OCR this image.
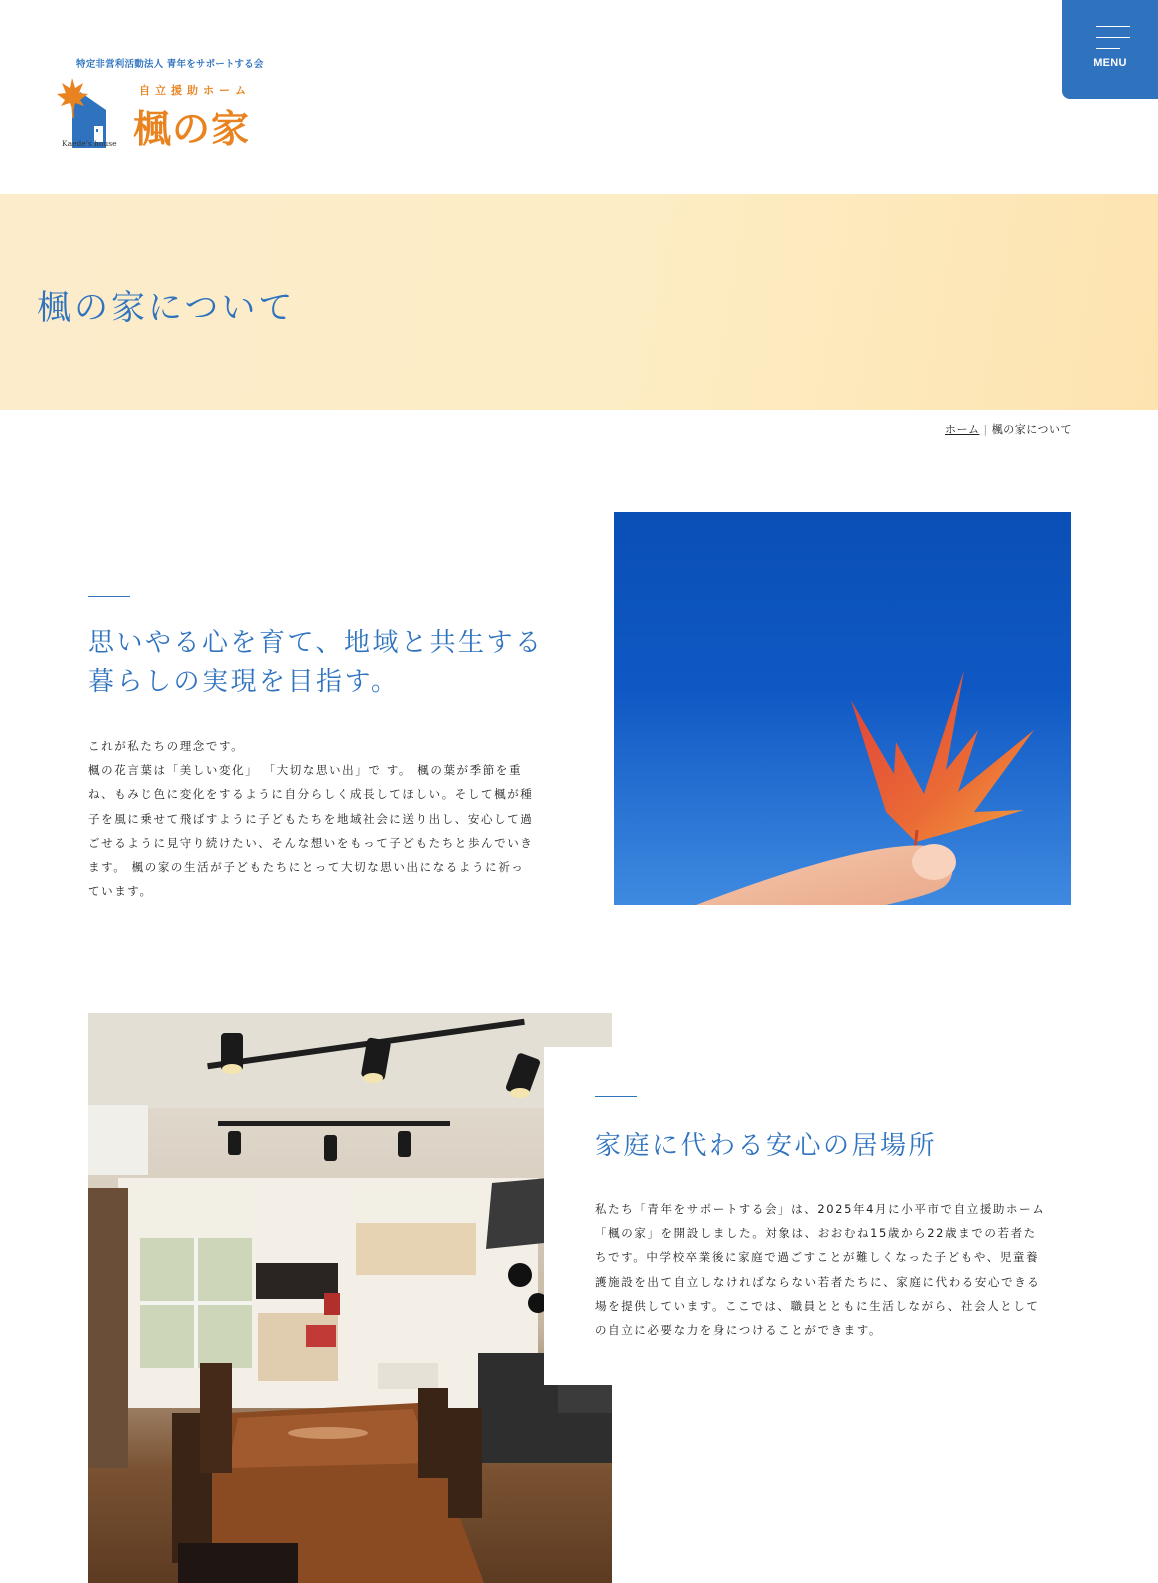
特定非営利活動法人 青年をサポートする会
自立援助ホーム
楓の家
Kaede's house
MENU
楓の家について
ホーム | 楓の家について
思いやる心を育て、地域と共生する
暮らしの実現を目指す。
これが私たちの理念です。
楓の花言葉は「美しい変化」 「大切な思い出」で す。 楓の葉が季節を重
ね、もみじ色に変化をするように自分らしく成長してほしい。そして楓が種
子を風に乗せて飛ばすように子どもたちを地域社会に送り出し、安心して過
ごせるように見守り続けたい、そんな想いをもって子どもたちと歩んでいき
ます。 楓の家の生活が子どもたちにとって大切な思い出になるように祈っ
ています。
家庭に代わる安心の居場所
私たち「青年をサポートする会」は、2025年4月に小平市で自立援助ホーム
「楓の家」を開設しました。対象は、おおむね15歳から22歳までの若者た
ちです。中学校卒業後に家庭で過ごすことが難しくなった子どもや、児童養
護施設を出て自立しなければならない若者たちに、家庭に代わる安心できる
場を提供しています。ここでは、職員とともに生活しながら、社会人として
の自立に必要な力を身につけることができます。
